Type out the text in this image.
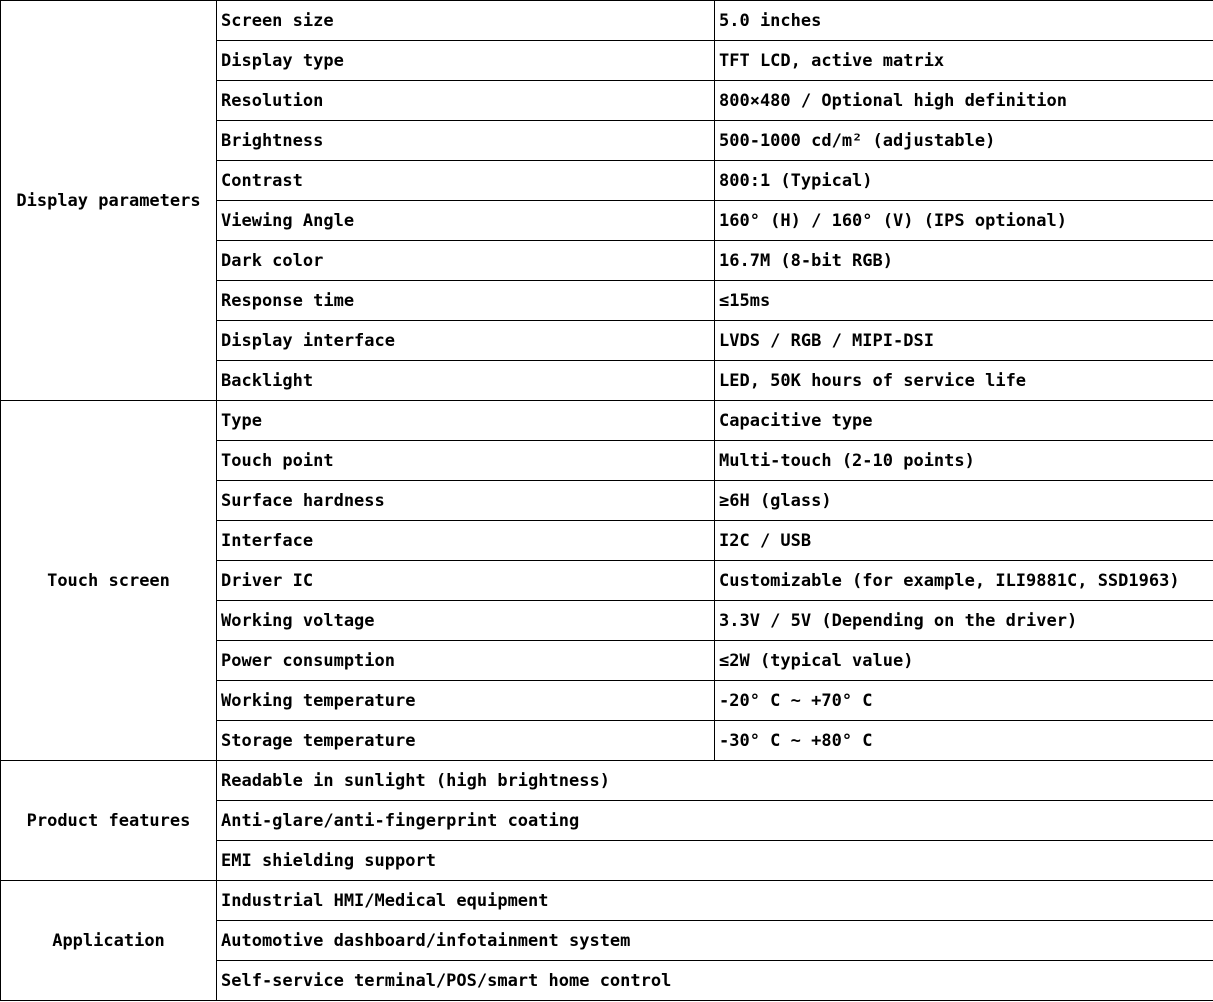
Display parameters	Screen size	5.0 inches
	Display type	TFT LCD, active matrix
	Resolution	800×480 / Optional high definition
	Brightness	500-1000 cd/m² (adjustable)
	Contrast	800:1 (Typical)
	Viewing Angle	160° (H) / 160° (V) (IPS optional)
	Dark color	16.7M (8-bit RGB)
	Response time	≤15ms
	Display interface	LVDS / RGB / MIPI-DSI
	Backlight	LED, 50K hours of service life
Touch screen	Type	Capacitive type
	Touch point	Multi-touch (2-10 points)
	Surface hardness	≥6H (glass)
	Interface	I2C / USB
	Driver IC	Customizable (for example, ILI9881C, SSD1963)
	Working voltage	3.3V / 5V (Depending on the driver)
	Power consumption	≤2W (typical value)
	Working temperature	-20° C ~ +70° C
	Storage temperature	-30° C ~ +80° C
Product features	Readable in sunlight (high brightness)	
	Anti-glare/anti-fingerprint coating	
	EMI shielding support	
Application	Industrial HMI/Medical equipment	
	Automotive dashboard/infotainment system	
	Self-service terminal/POS/smart home control	
